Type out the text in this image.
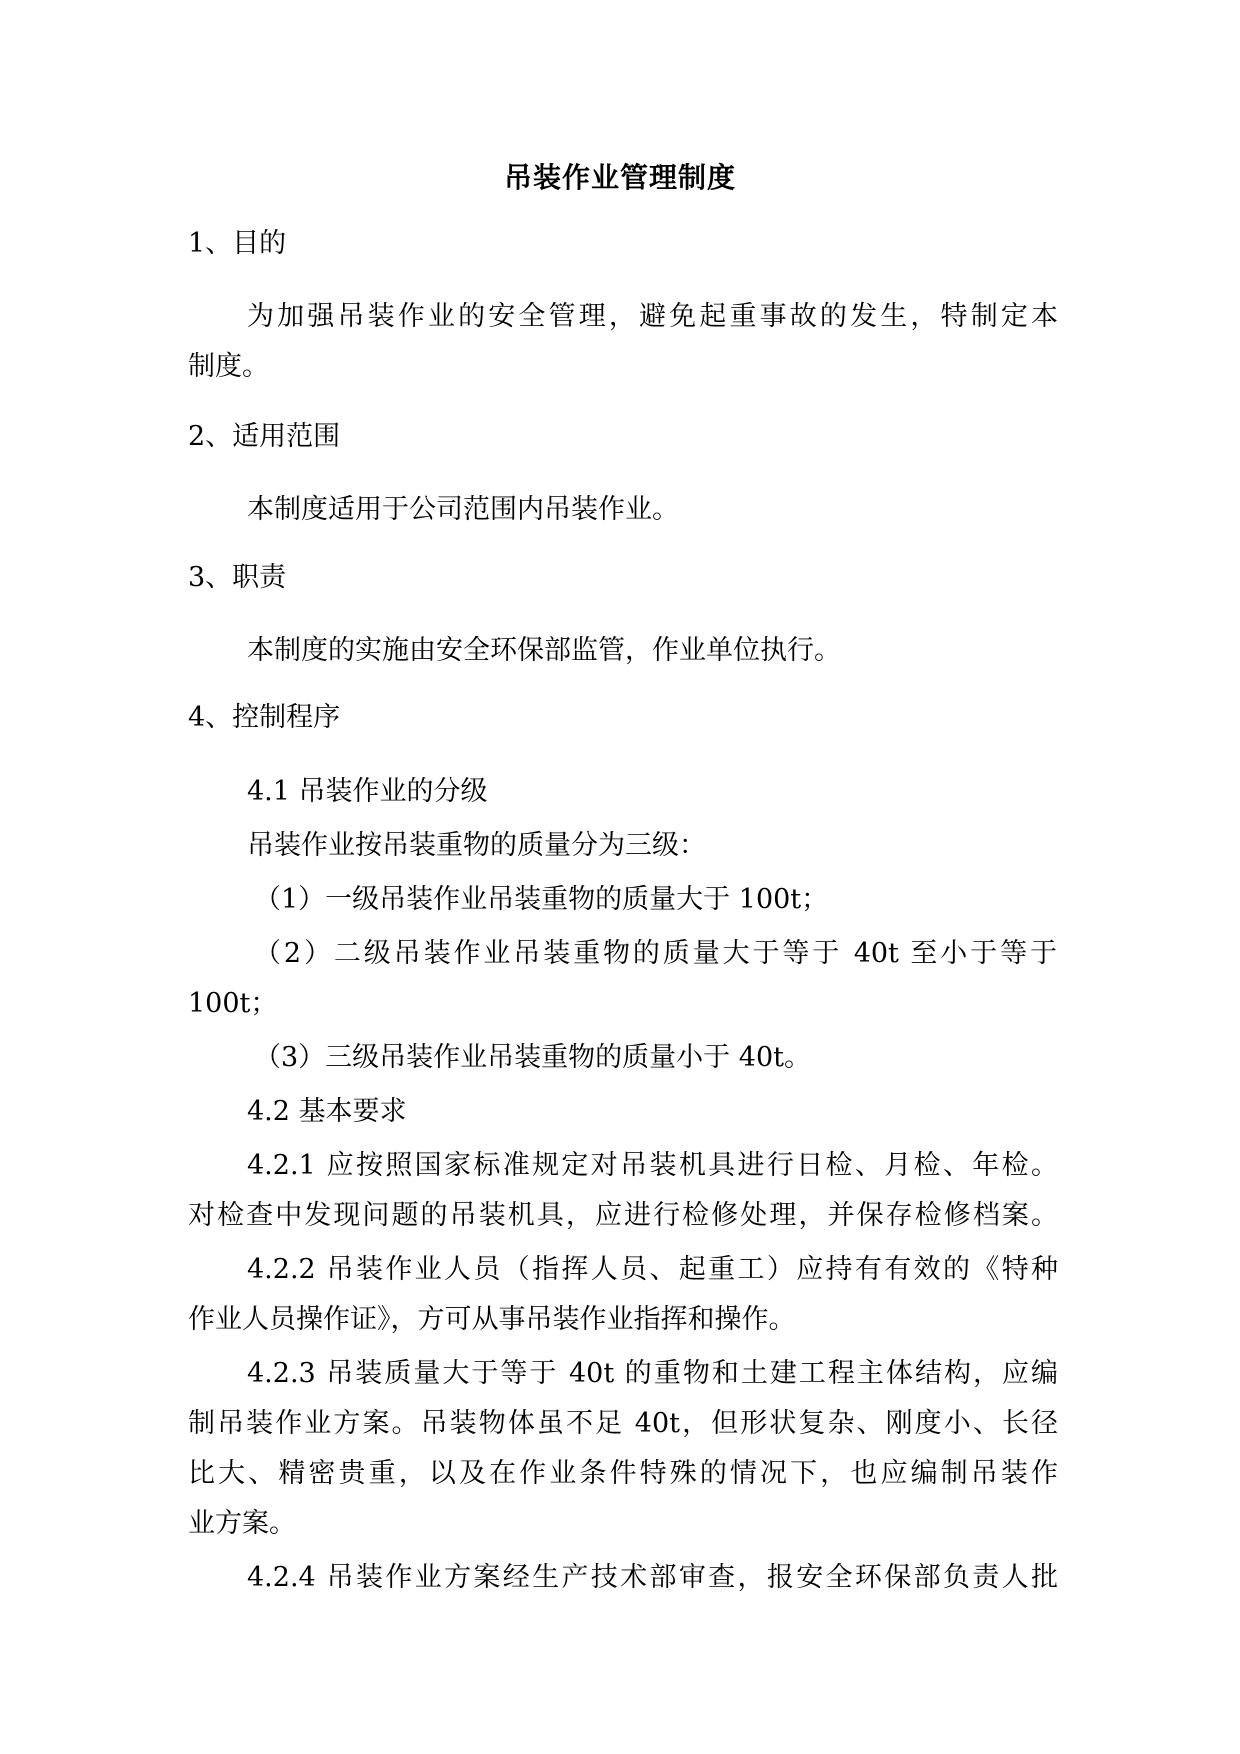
吊装作业管理制度
1、目的
为加强吊装作业的安全管理，避免起重事故的发生，特制定本
制度。
2、适用范围
本制度适用于公司范围内吊装作业。
3、职责
本制度的实施由安全环保部监管，作业单位执行。
4、控制程序
4.1 吊装作业的分级
吊装作业按吊装重物的质量分为三级：
（1）一级吊装作业吊装重物的质量大于 100t；
（2）二级吊装作业吊装重物的质量大于等于 40t 至小于等于
100t；
（3）三级吊装作业吊装重物的质量小于 40t。
4.2 基本要求
4.2.1 应按照国家标准规定对吊装机具进行日检、月检、年检。
对检查中发现问题的吊装机具，应进行检修处理，并保存检修档案。
4.2.2 吊装作业人员（指挥人员、起重工）应持有有效的《特种
作业人员操作证》，方可从事吊装作业指挥和操作。
4.2.3 吊装质量大于等于 40t 的重物和土建工程主体结构，应编
制吊装作业方案。吊装物体虽不足 40t，但形状复杂、刚度小、长径
比大、精密贵重，以及在作业条件特殊的情况下，也应编制吊装作
业方案。
4.2.4 吊装作业方案经生产技术部审查，报安全环保部负责人批
